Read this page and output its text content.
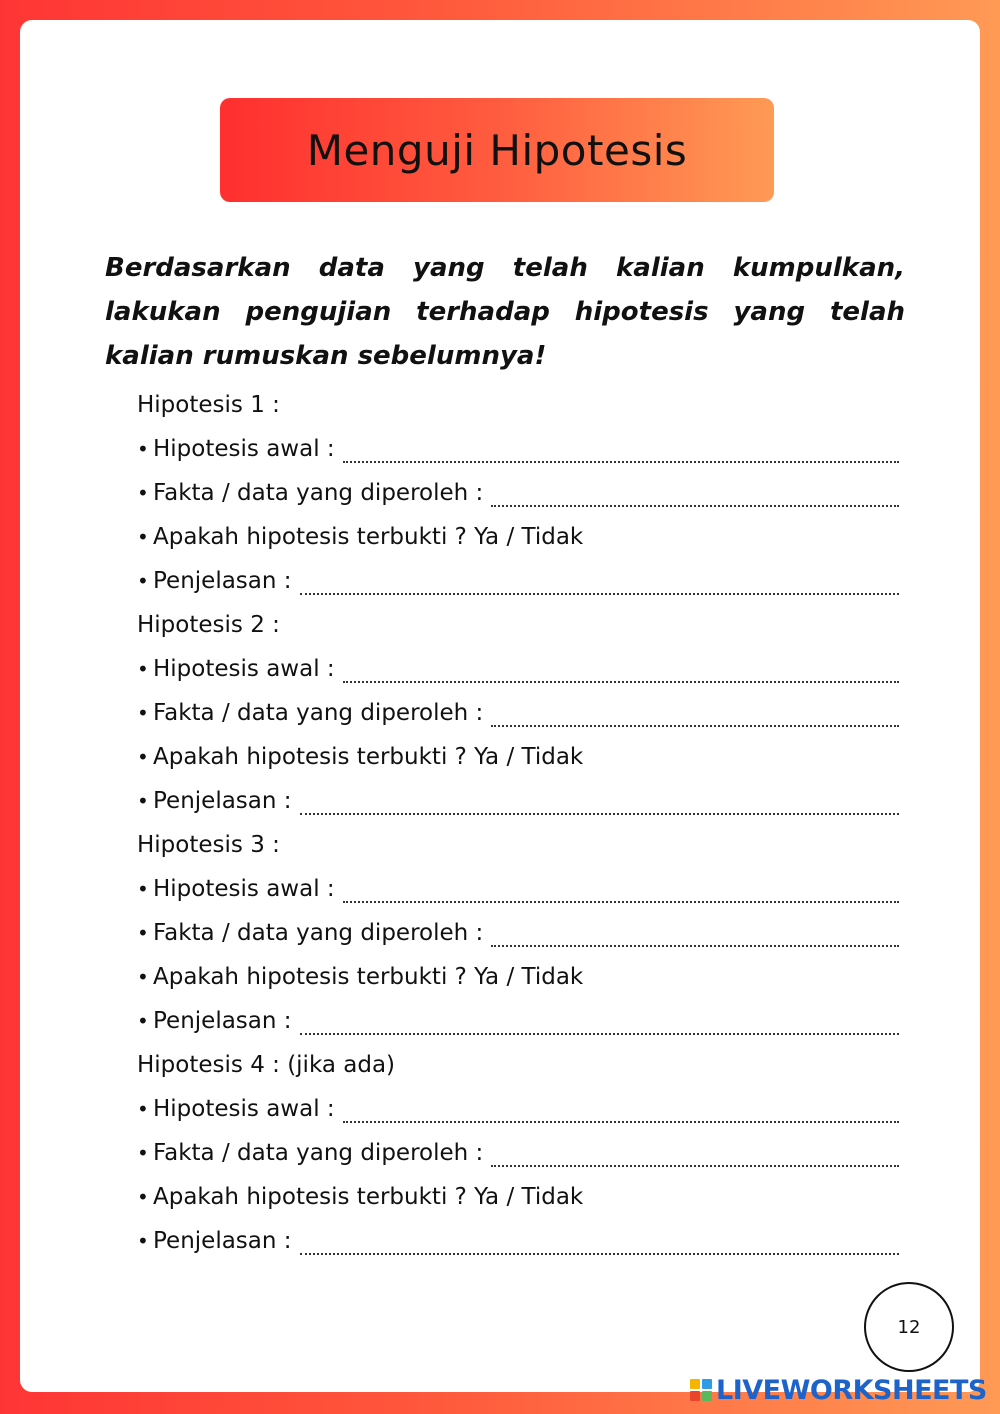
Menguji Hipotesis

Berdasarkan data yang telah kalian kumpulkan, lakukan pengujian terhadap hipotesis yang telah kalian rumuskan sebelumnya!

Hipotesis 1 :
• Hipotesis awal :
• Fakta / data yang diperoleh :
• Apakah hipotesis terbukti ? Ya / Tidak
• Penjelasan :
Hipotesis 2 :
• Hipotesis awal :
• Fakta / data yang diperoleh :
• Apakah hipotesis terbukti ? Ya / Tidak
• Penjelasan :
Hipotesis 3 :
• Hipotesis awal :
• Fakta / data yang diperoleh :
• Apakah hipotesis terbukti ? Ya / Tidak
• Penjelasan :
Hipotesis 4 : (jika ada)
• Hipotesis awal :
• Fakta / data yang diperoleh :
• Apakah hipotesis terbukti ? Ya / Tidak
• Penjelasan :
12
LIVEWORKSHEETS
